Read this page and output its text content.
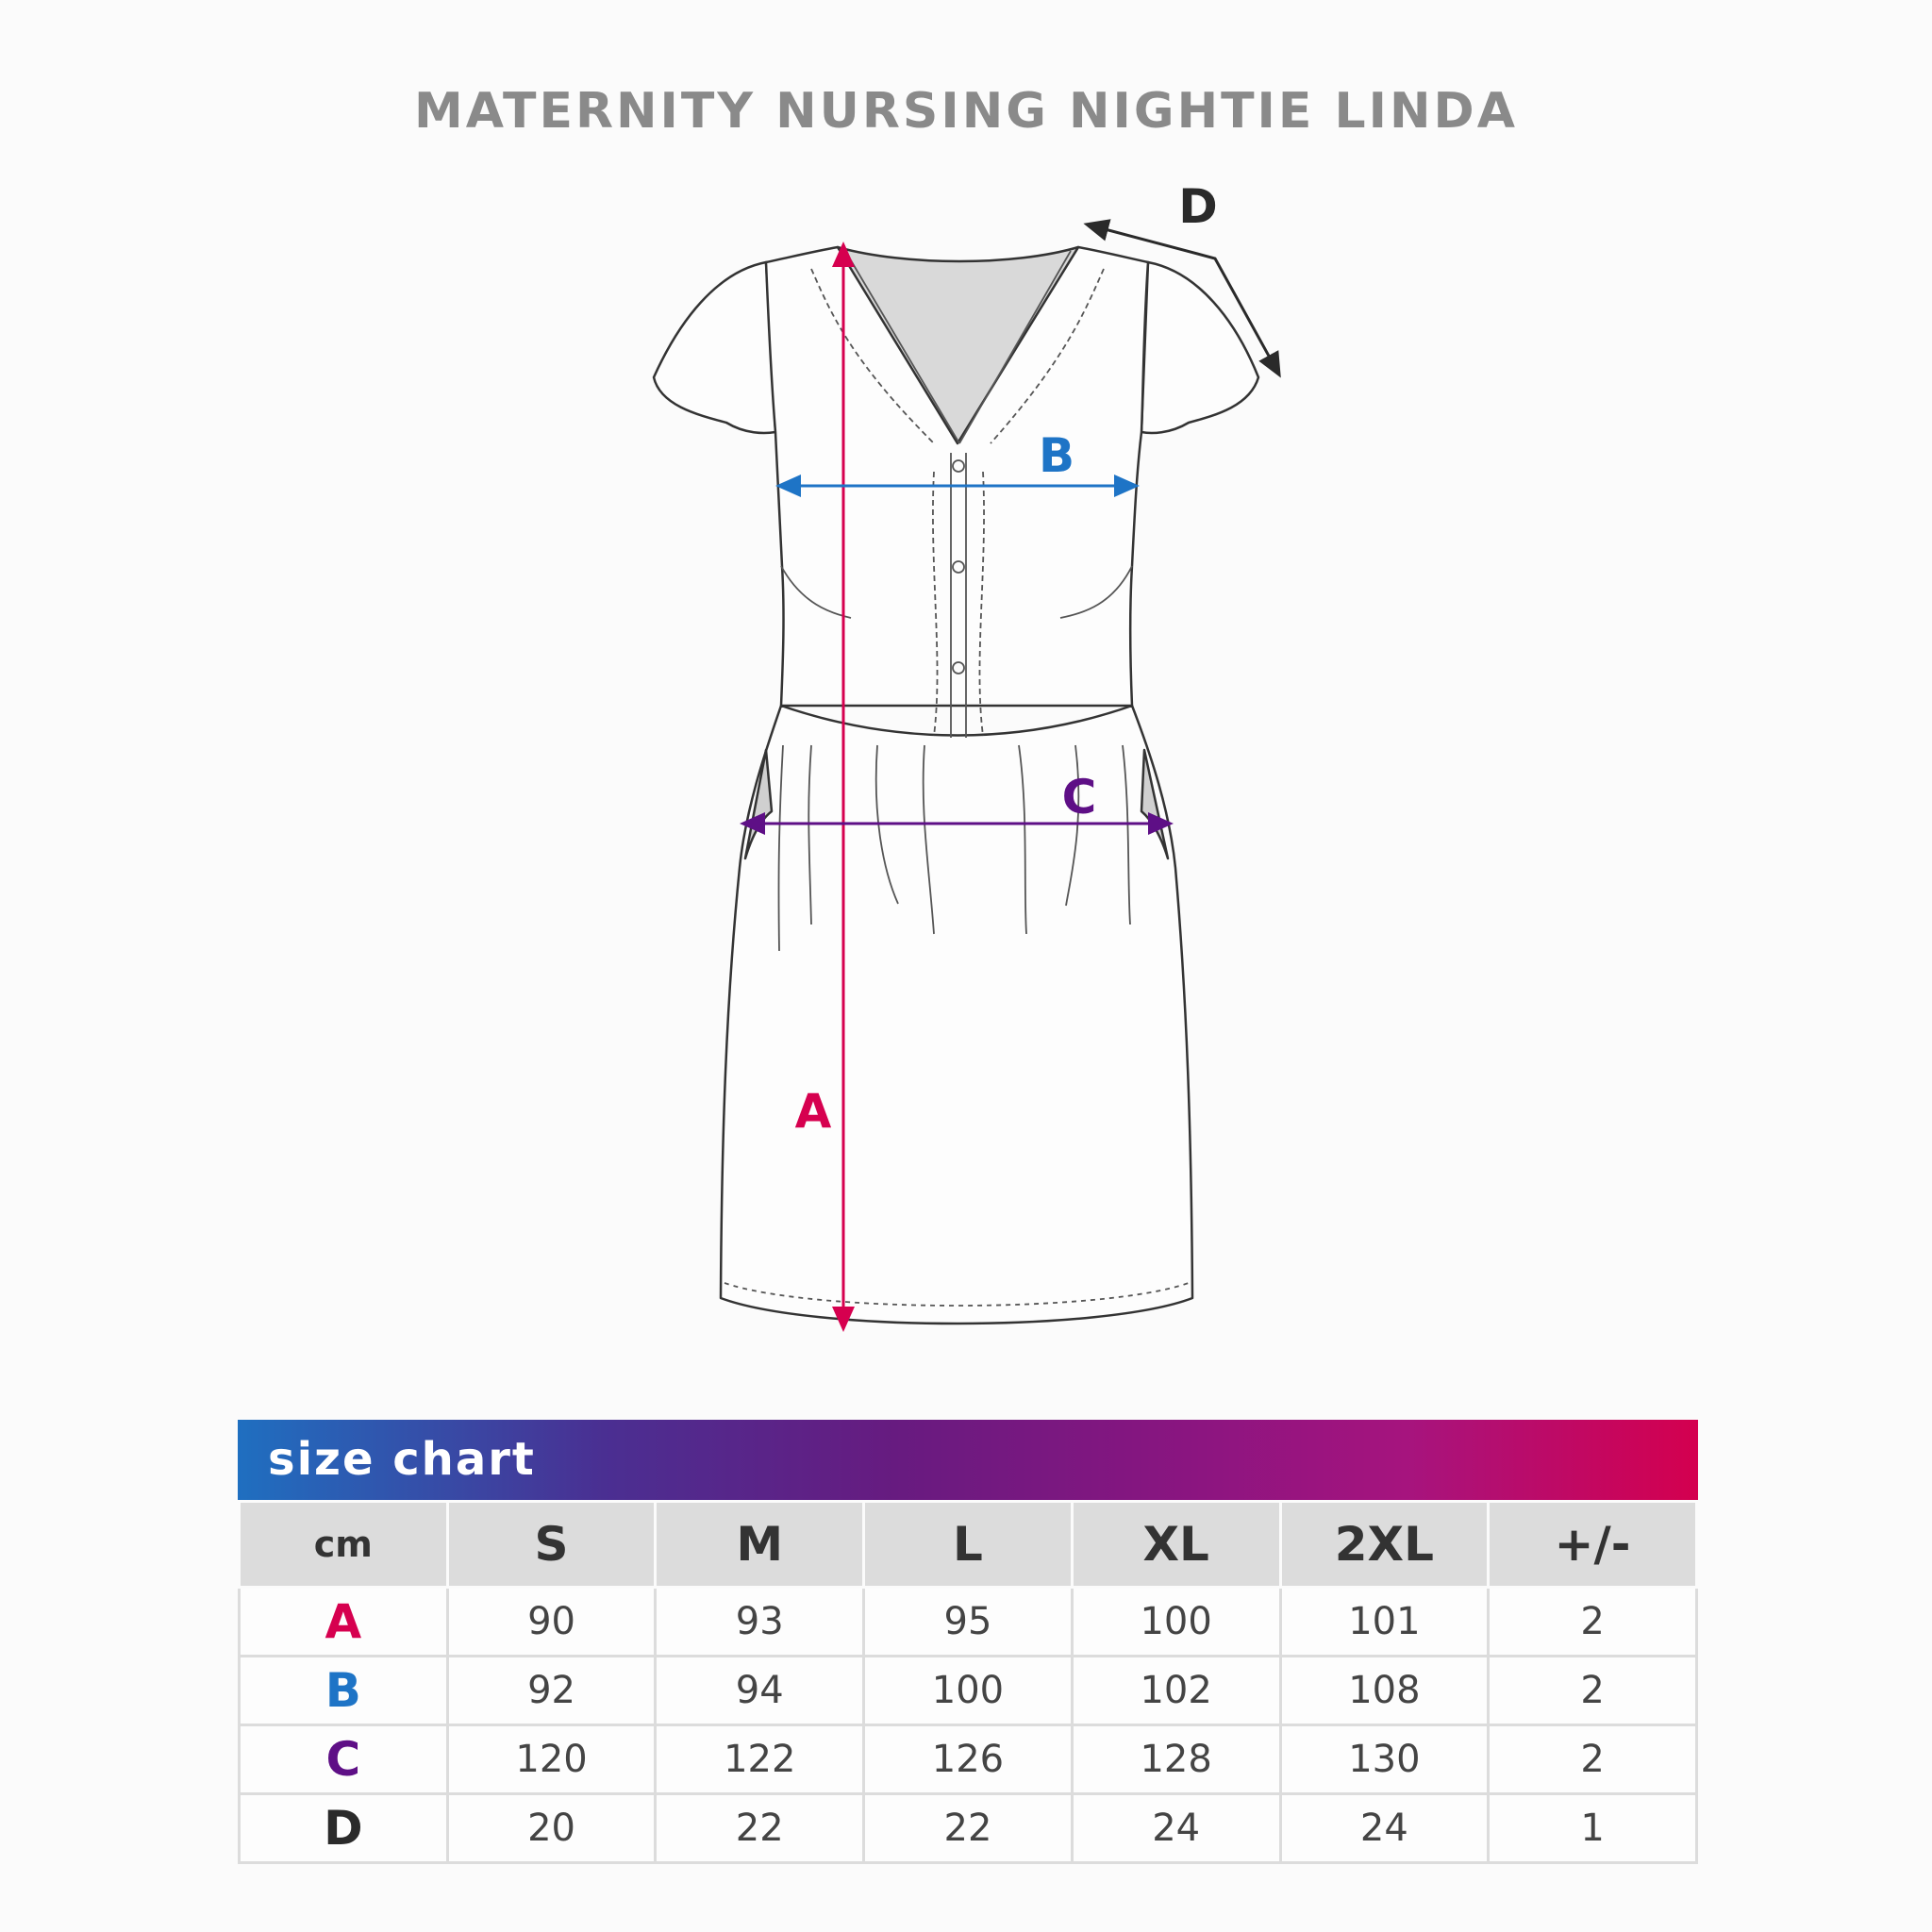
MATERNITY NURSING NIGHTIE LINDA
A
B
C
D
size chart
cm	S	M	L	XL	2XL	+/-
A	90	93	95	100	101	2
B	92	94	100	102	108	2
C	120	122	126	128	130	2
D	20	22	22	24	24	1
